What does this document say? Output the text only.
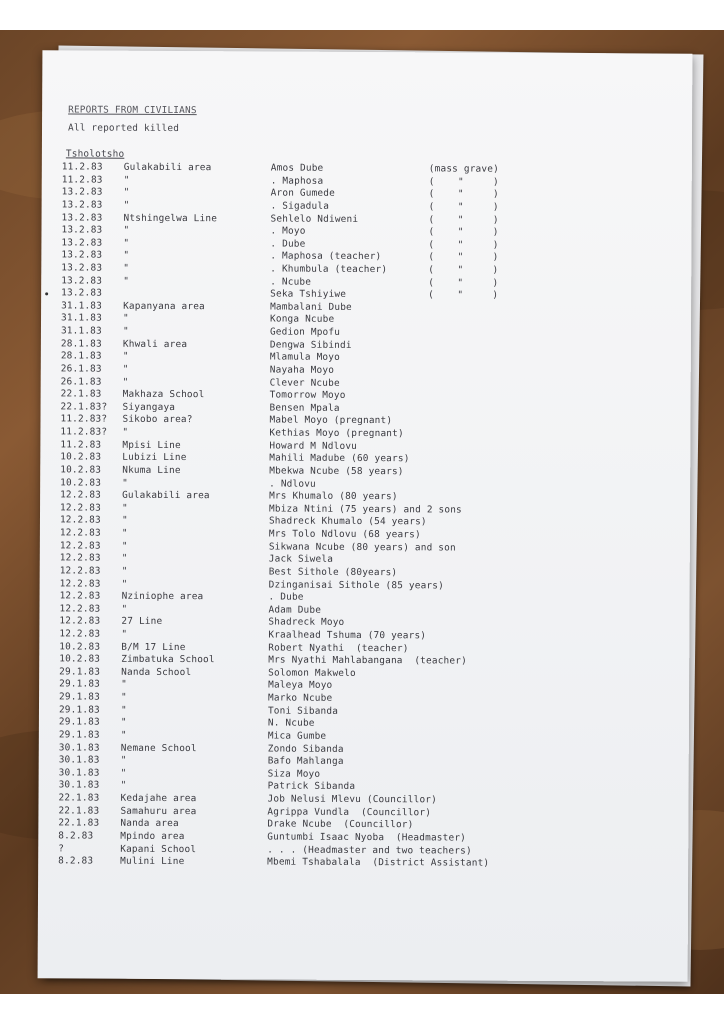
REPORTS FROM CIVILIANS
All reported killed
Tsholotsho
11.2.83 Gulakabili area	Amos Dube	(mass grave)
11.2.83 "	. Maphosa	(    "     )
13.2.83 "	Aron Gumede	(    "     )
13.2.83 "	. Sigadula	(    "     )
13.2.83 Ntshingelwa Line	Sehlelo Ndiweni	(    "     )
13.2.83 "	. Moyo	(    "     )
13.2.83 "	. Dube	(    "     )
13.2.83 "	. Maphosa (teacher)	(    "     )
13.2.83 "	. Khumbula (teacher)	(    "     )
13.2.83 "	. Ncube	(    "     )
13.2.83	Seka Tshiyiwe	(    "     )
31.1.83 Kapanyana area	Mambalani Dube
31.1.83 "	Konga Ncube
31.1.83 "	Gedion Mpofu
28.1.83 Khwali area	Dengwa Sibindi
28.1.83 "	Mlamula Moyo
26.1.83 "	Nayaha Moyo
26.1.83 "	Clever Ncube
22.1.83 Makhaza School	Tomorrow Moyo
22.1.83? Siyangaya	Bensen Mpala
11.2.83? Sikobo area?	Mabel Moyo (pregnant)
11.2.83? "	Kethias Moyo (pregnant)
11.2.83 Mpisi Line	Howard M Ndlovu
10.2.83 Lubizi Line	Mahili Madube (60 years)
10.2.83 Nkuma Line	Mbekwa Ncube (58 years)
10.2.83 "	. Ndlovu
12.2.83 Gulakabili area	Mrs Khumalo (80 years)
12.2.83 "	Mbiza Ntini (75 years) and 2 sons
12.2.83 "	Shadreck Khumalo (54 years)
12.2.83 "	Mrs Tolo Ndlovu (68 years)
12.2.83 "	Sikwana Ncube (80 years) and son
12.2.83 "	Jack Siwela
12.2.83 "	Best Sithole (80years)
12.2.83 "	Dzinganisai Sithole (85 years)
12.2.83 Nziniophe area	. Dube
12.2.83 "	Adam Dube
12.2.83 27 Line	Shadreck Moyo
12.2.83 "	Kraalhead Tshuma (70 years)
10.2.83 B/M 17 Line	Robert Nyathi  (teacher)
10.2.83 Zimbatuka School	Mrs Nyathi Mahlabangana  (teacher)
29.1.83 Nanda School	Solomon Makwelo
29.1.83 "	Maleya Moyo
29.1.83 "	Marko Ncube
29.1.83 "	Toni Sibanda
29.1.83 "	N. Ncube
29.1.83 "	Mica Gumbe
30.1.83 Nemane School	Zondo Sibanda
30.1.83 "	Bafo Mahlanga
30.1.83 "	Siza Moyo
30.1.83 "	Patrick Sibanda
22.1.83 Kedajahe area	Job Nelusi Mlevu (Councillor)
22.1.83 Samahuru area	Agrippa Vundla  (Councillor)
22.1.83 Nanda area	Drake Ncube  (Councillor)
8.2.83	Mpindo area	Guntumbi Isaac Nyoba  (Headmaster)
?	Kapani School	. . . (Headmaster and two teachers)
8.2.83	Mulini Line	Mbemi Tshabalala  (District Assistant)
